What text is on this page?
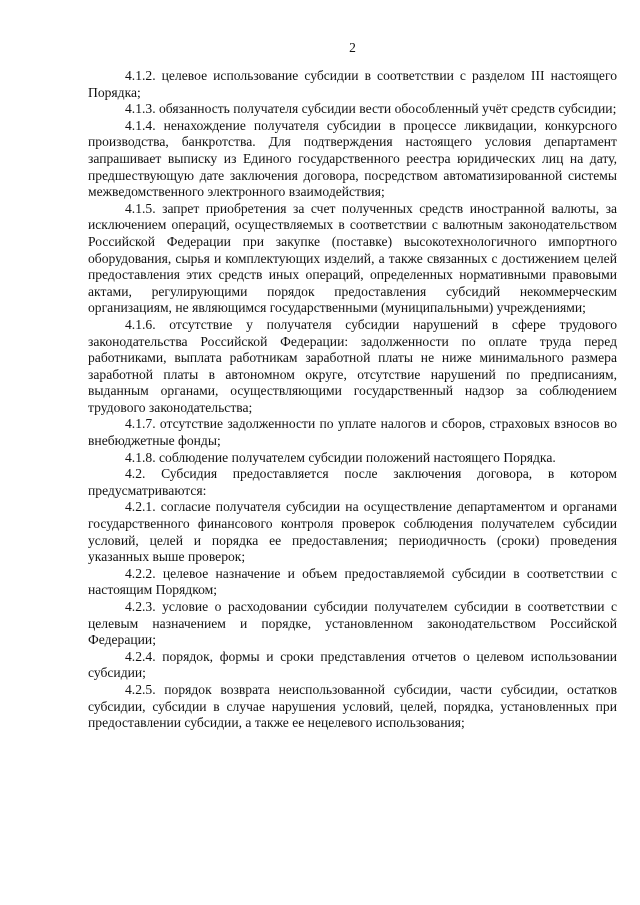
2

4.1.2. целевое использование субсидии в соответствии с разделом III настоящего Порядка;

4.1.3. обязанность получателя субсидии вести обособленный учёт средств субсидии;

4.1.4. ненахождение получателя субсидии в процессе ликвидации, конкурсного производства, банкротства. Для подтверждения настоящего условия департамент запрашивает выписку из Единого государственного реестра юридических лиц на дату, предшествующую дате заключения договора, посредством автоматизированной системы межведомственного электронного взаимодействия;

4.1.5. запрет приобретения за счет полученных средств иностранной валюты, за исключением операций, осуществляемых в соответствии с валютным законодательством Российской Федерации при закупке (поставке) высокотехнологичного импортного оборудования, сырья и комплектующих изделий, а также связанных с достижением целей предоставления этих средств иных операций, определенных нормативными правовыми актами, регулирующими порядок предоставления субсидий некоммерческим организациям, не являющимся государственными (муниципальными) учреждениями;

4.1.6. отсутствие у получателя субсидии нарушений в сфере трудового законодательства Российской Федерации: задолженности по оплате труда перед работниками, выплата работникам заработной платы не ниже минимального размера заработной платы в автономном округе, отсутствие нарушений по предписаниям, выданным органами, осуществляющими государственный надзор за соблюдением трудового законодательства;

4.1.7. отсутствие задолженности по уплате налогов и сборов, страховых взносов во внебюджетные фонды;

4.1.8. соблюдение получателем субсидии положений настоящего Порядка.

4.2. Субсидия предоставляется после заключения договора, в котором предусматриваются:

4.2.1. согласие получателя субсидии на осуществление департаментом и органами государственного финансового контроля проверок соблюдения получателем субсидии условий, целей и порядка ее предоставления; периодичность (сроки) проведения указанных выше проверок;

4.2.2. целевое назначение и объем предоставляемой субсидии в соответствии с настоящим Порядком;

4.2.3. условие о расходовании субсидии получателем субсидии в соответствии с целевым назначением и порядке, установленном законодательством Российской Федерации;

4.2.4. порядок, формы и сроки представления отчетов о целевом использовании субсидии;

4.2.5. порядок возврата неиспользованной субсидии, части субсидии, остатков субсидии, субсидии в случае нарушения условий, целей, порядка, установленных при предоставлении субсидии, а также ее нецелевого использования;
